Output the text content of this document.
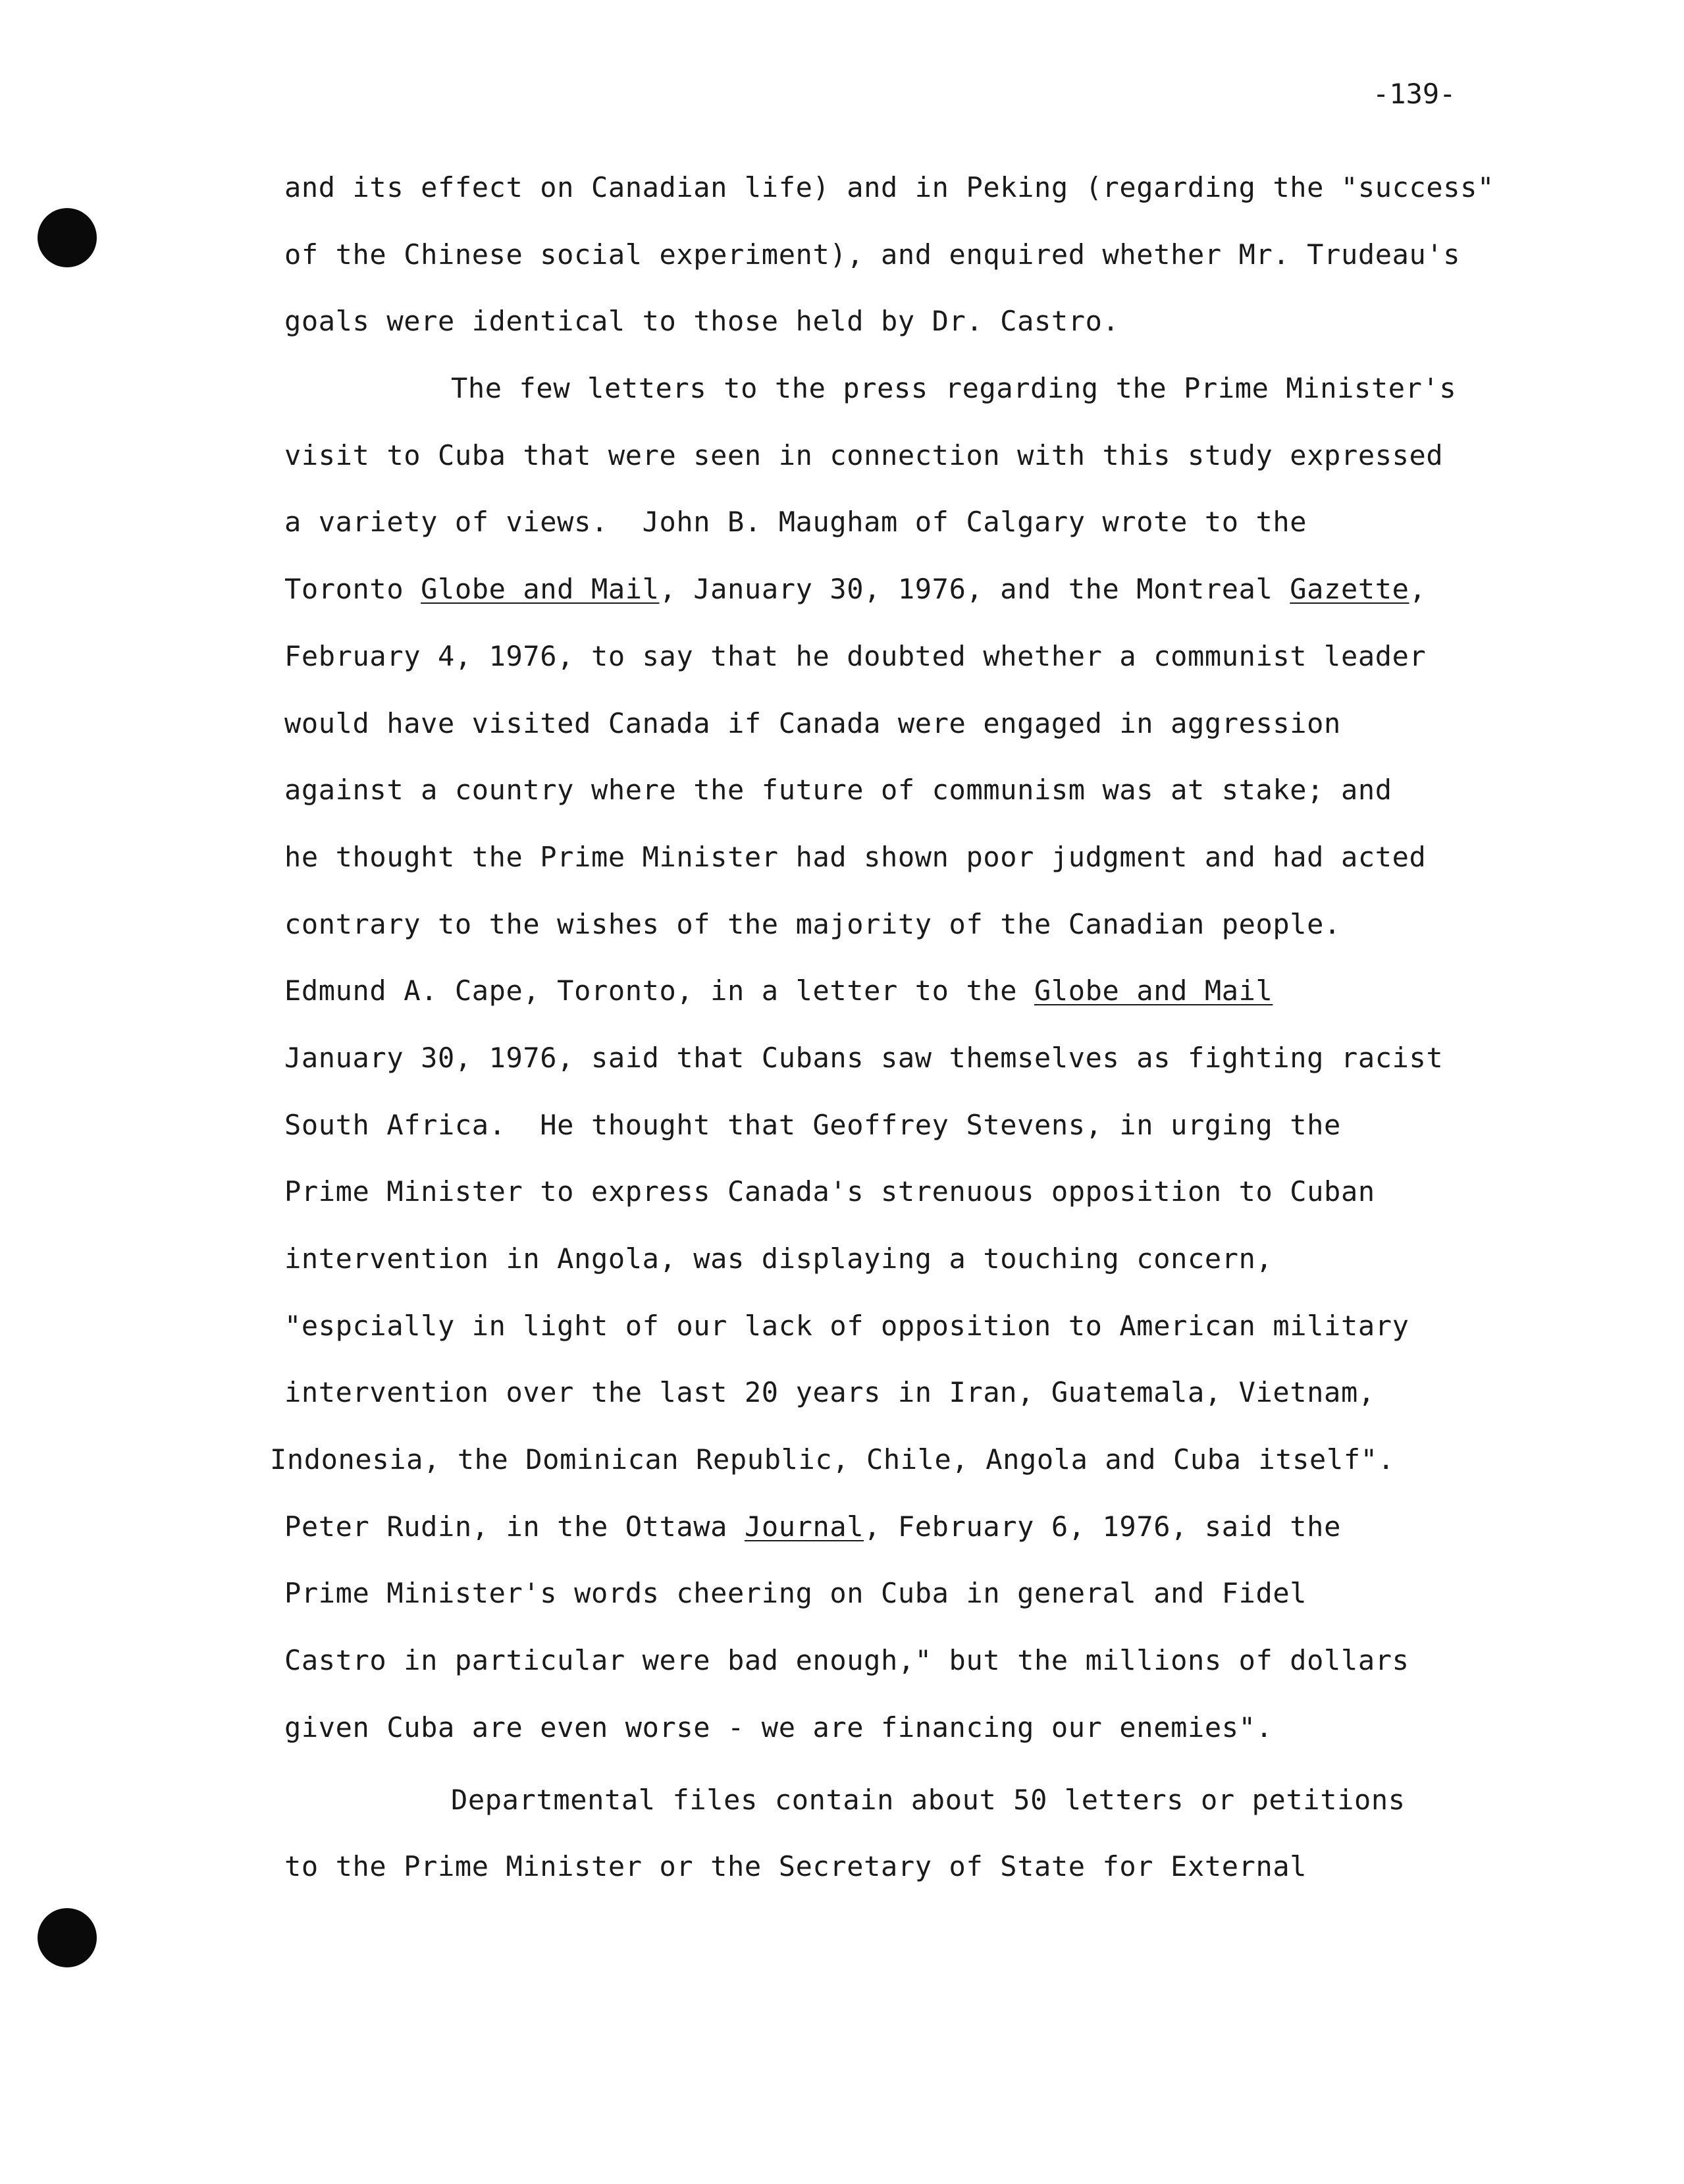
-139-
and its effect on Canadian life) and in Peking (regarding the "success"
of the Chinese social experiment), and enquired whether Mr. Trudeau's
goals were identical to those held by Dr. Castro.
The few letters to the press regarding the Prime Minister's
visit to Cuba that were seen in connection with this study expressed
a variety of views.  John B. Maugham of Calgary wrote to the
Toronto Globe and Mail, January 30, 1976, and the Montreal Gazette,
February 4, 1976, to say that he doubted whether a communist leader
would have visited Canada if Canada were engaged in aggression
against a country where the future of communism was at stake; and
he thought the Prime Minister had shown poor judgment and had acted
contrary to the wishes of the majority of the Canadian people.
Edmund A. Cape, Toronto, in a letter to the Globe and Mail
January 30, 1976, said that Cubans saw themselves as fighting racist
South Africa.  He thought that Geoffrey Stevens, in urging the
Prime Minister to express Canada's strenuous opposition to Cuban
intervention in Angola, was displaying a touching concern,
"espcially in light of our lack of opposition to American military
intervention over the last 20 years in Iran, Guatemala, Vietnam,
Indonesia, the Dominican Republic, Chile, Angola and Cuba itself".
Peter Rudin, in the Ottawa Journal, February 6, 1976, said the
Prime Minister's words cheering on Cuba in general and Fidel
Castro in particular were bad enough," but the millions of dollars
given Cuba are even worse - we are financing our enemies".
Departmental files contain about 50 letters or petitions
to the Prime Minister or the Secretary of State for External
